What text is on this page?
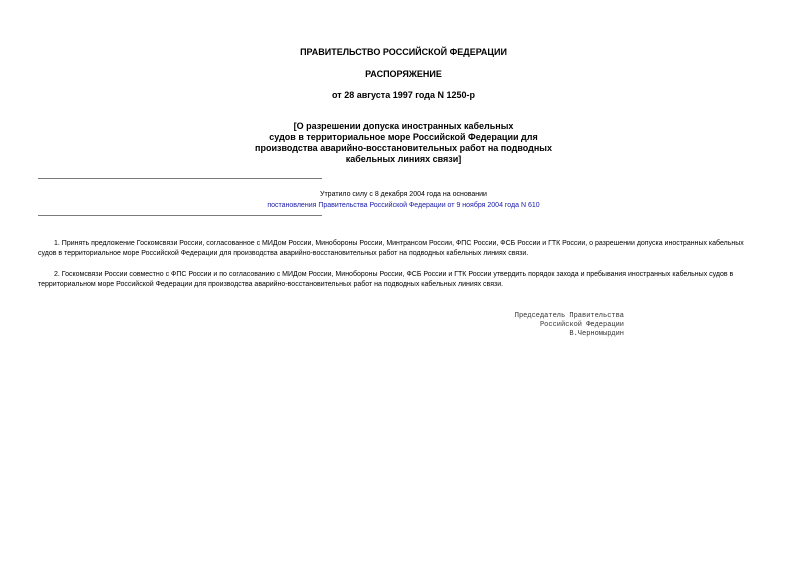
ПРАВИТЕЛЬСТВО РОССИЙСКОЙ ФЕДЕРАЦИИ
РАСПОРЯЖЕНИЕ
от 28 августа 1997 года N 1250-р
[О разрешении допуска иностранных кабельных
судов в территориальное море Российской Федерации для
производства аварийно-восстановительных работ на подводных
кабельных линиях связи]
Утратило силу с 8 декабря 2004 года на основании
постановления Правительства Российской Федерации от 9 ноября 2004 года N 610
1. Принять предложение Госкомсвязи России, согласованное с МИДом России, Минобороны России, Минтрансом России, ФПС России, ФСБ России и ГТК России, о разрешении допуска иностранных кабельных
судов в территориальное море Российской Федерации для производства аварийно-восстановительных работ на подводных кабельных линиях связи.
2. Госкомсвязи России совместно с ФПС России и по согласованию с МИДом России, Минобороны России, ФСБ России и ГТК России утвердить порядок захода и пребывания иностранных кабельных судов в
территориальном море Российской Федерации для производства аварийно-восстановительных работ на подводных кабельных линиях связи.
Председатель Правительства
Российской Федерации
В.Черномырдин
